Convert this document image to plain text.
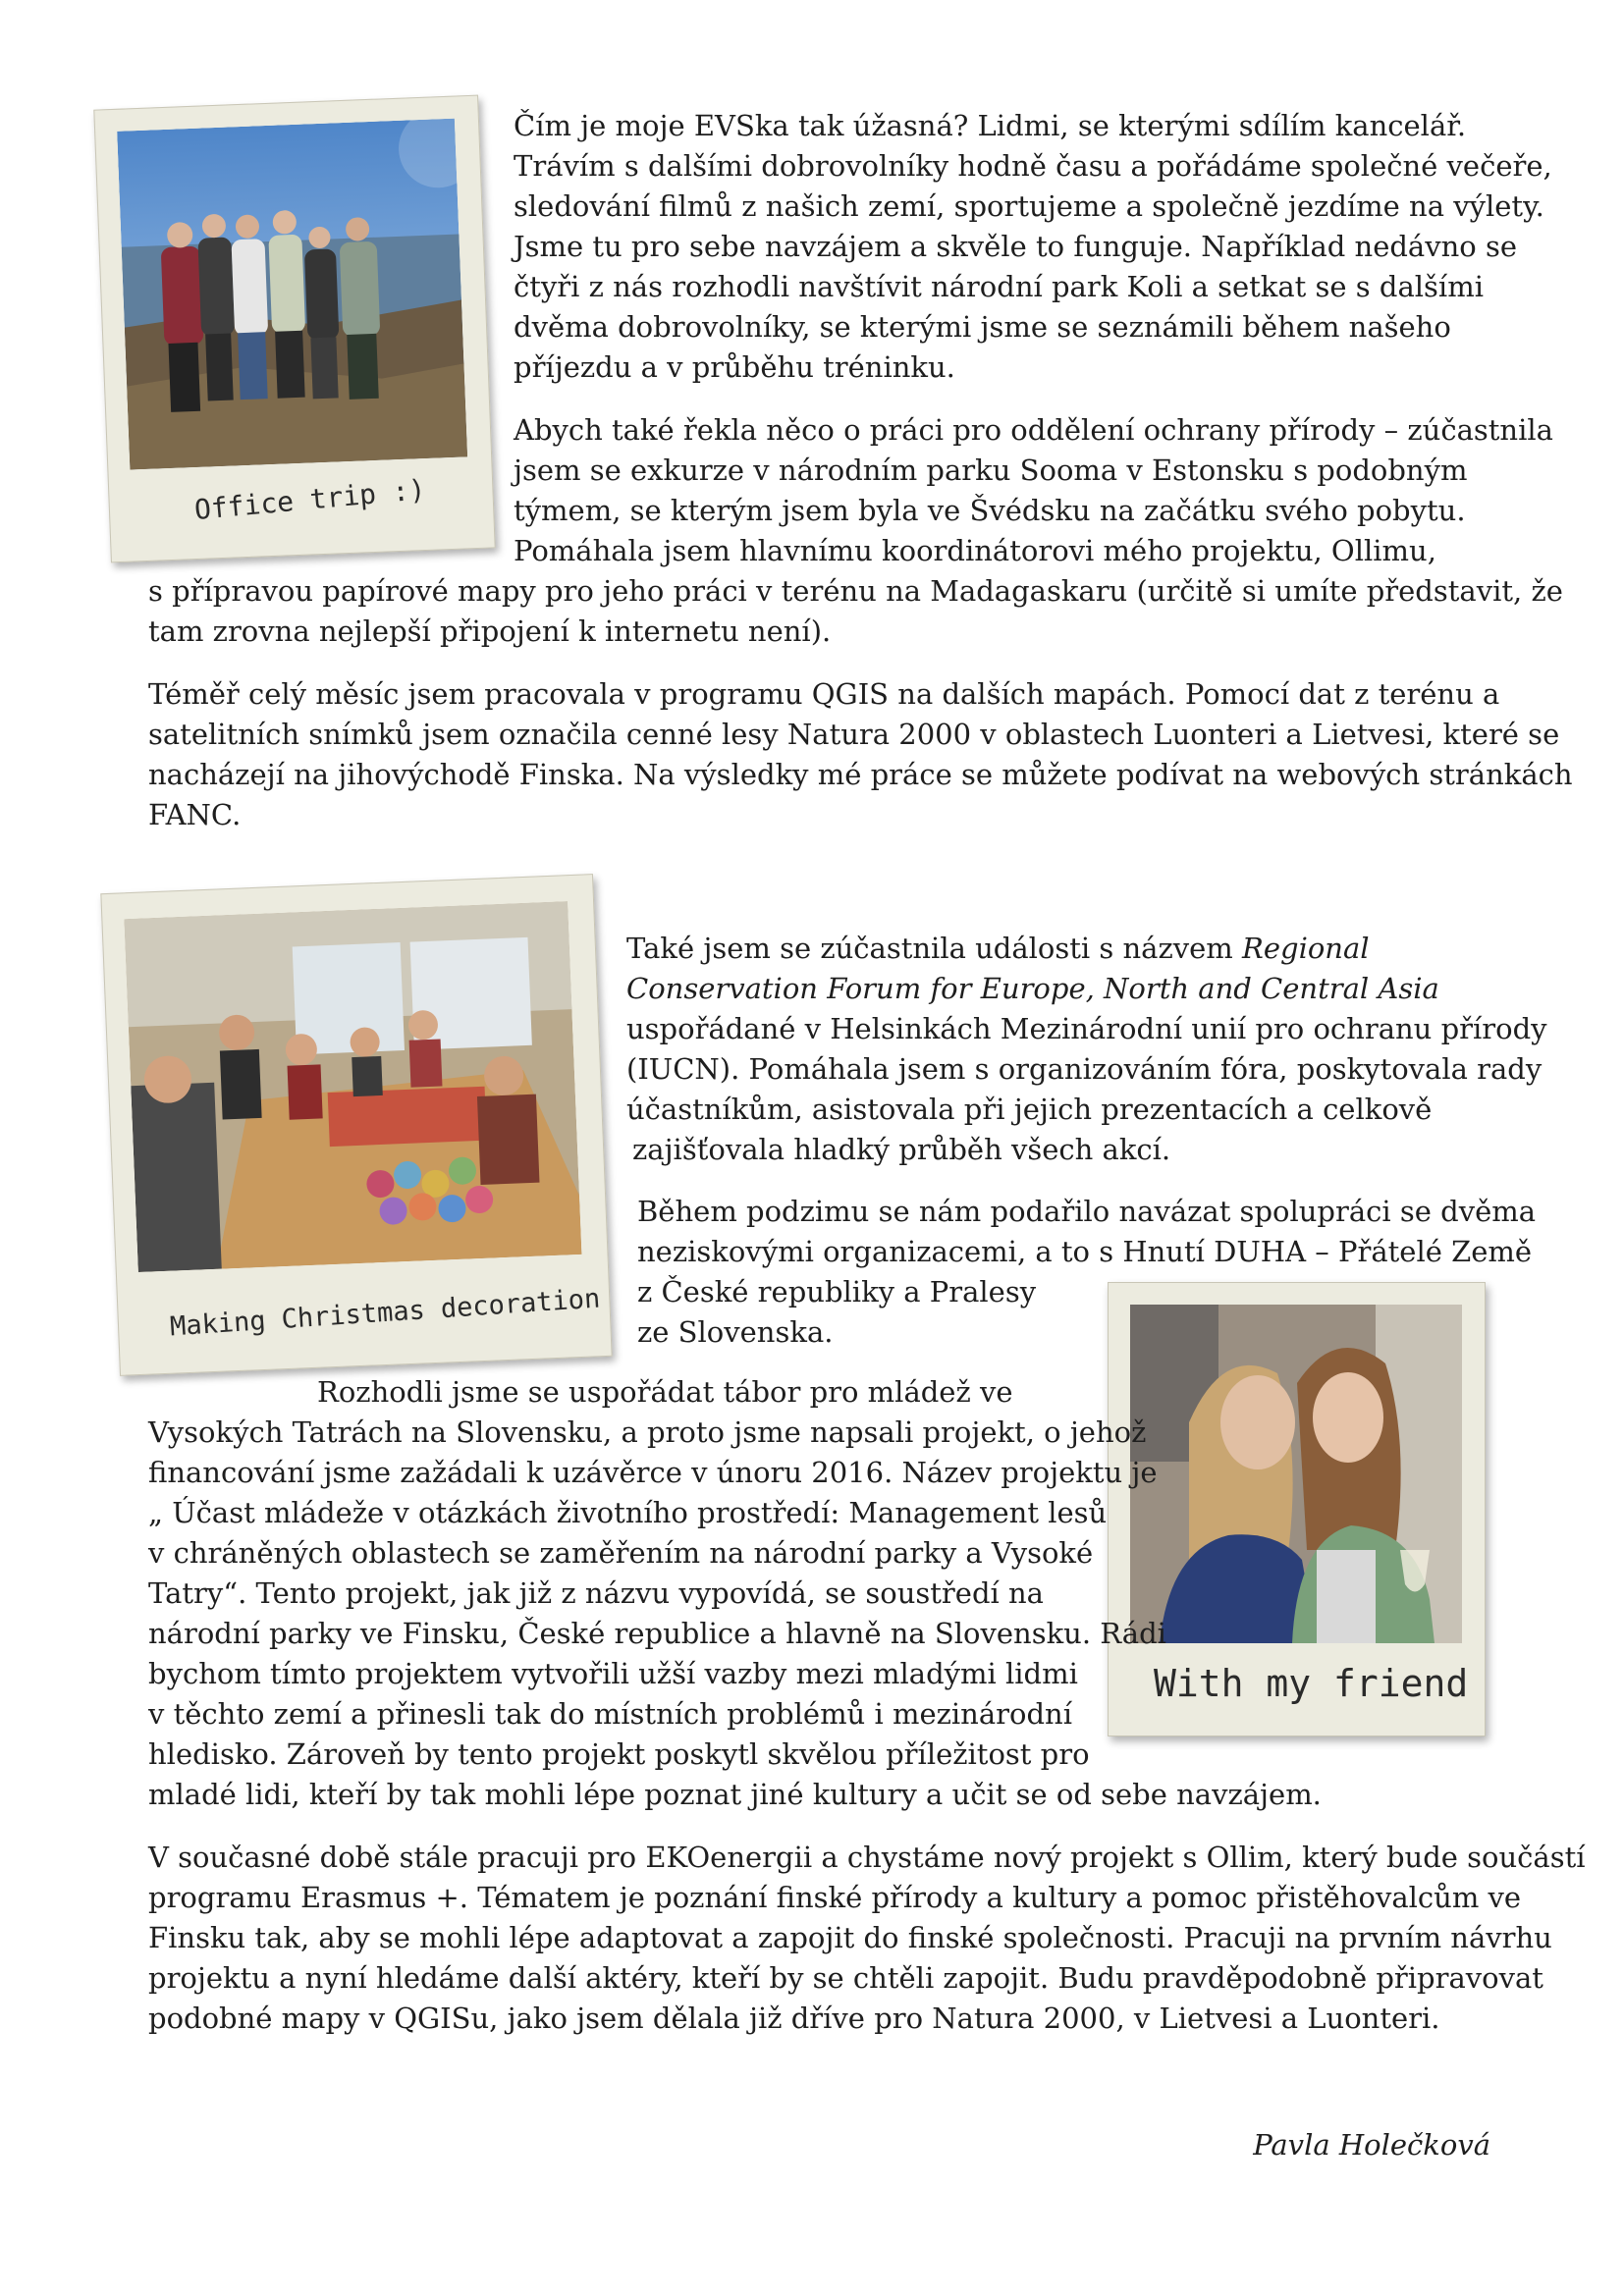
Office trip :)
Making Christmas decoration
With my friend
Čím je moje EVSka tak úžasná? Lidmi, se kterými sdílím kancelář.
Trávím s dalšími dobrovolníky hodně času a pořádáme společné večeře,
sledování filmů z našich zemí, sportujeme a společně jezdíme na výlety.
Jsme tu pro sebe navzájem a skvěle to funguje. Například nedávno se
čtyři z nás rozhodli navštívit národní park Koli a setkat se s dalšími
dvěma dobrovolníky, se kterými jsme se seznámili během našeho
příjezdu a v průběhu tréninku.
Abych také řekla něco o práci pro oddělení ochrany přírody – zúčastnila
jsem se exkurze v národním parku Sooma v Estonsku s podobným
týmem, se kterým jsem byla ve Švédsku na začátku svého pobytu.
Pomáhala jsem hlavnímu koordinátorovi mého projektu, Ollimu,
s přípravou papírové mapy pro jeho práci v terénu na Madagaskaru (určitě si umíte představit, že
tam zrovna nejlepší připojení k internetu není).
Téměř celý měsíc jsem pracovala v programu QGIS na dalších mapách. Pomocí dat z terénu a
satelitních snímků jsem označila cenné lesy Natura 2000 v oblastech Luonteri a Lietvesi, které se
nacházejí na jihovýchodě Finska. Na výsledky mé práce se můžete podívat na webových stránkách
FANC.
Také jsem se zúčastnila události s názvem Regional
Conservation Forum for Europe, North and Central Asia
uspořádané v Helsinkách Mezinárodní unií pro ochranu přírody
(IUCN). Pomáhala jsem s organizováním fóra, poskytovala rady
účastníkům, asistovala při jejich prezentacích a celkově
zajišťovala hladký průběh všech akcí.
Během podzimu se nám podařilo navázat spolupráci se dvěma
neziskovými organizacemi, a to s Hnutí DUHA – Přátelé Země
z České republiky a Pralesy
ze Slovenska.
Rozhodli jsme se uspořádat tábor pro mládež ve
Vysokých Tatrách na Slovensku, a proto jsme napsali projekt, o jehož
financování jsme zažádali k uzávěrce v únoru 2016. Název projektu je
„ Účast mládeže v otázkách životního prostředí: Management lesů
v chráněných oblastech se zaměřením na národní parky a Vysoké
Tatry“. Tento projekt, jak již z názvu vypovídá, se soustředí na
národní parky ve Finsku, České republice a hlavně na Slovensku. Rádi
bychom tímto projektem vytvořili užší vazby mezi mladými lidmi
v těchto zemí a přinesli tak do místních problémů i mezinárodní
hledisko. Zároveň by tento projekt poskytl skvělou příležitost pro
mladé lidi, kteří by tak mohli lépe poznat jiné kultury a učit se od sebe navzájem.
V současné době stále pracuji pro EKOenergii a chystáme nový projekt s Ollim, který bude součástí
programu Erasmus +. Tématem je poznání finské přírody a kultury a pomoc přistěhovalcům ve
Finsku tak, aby se mohli lépe adaptovat a zapojit do finské společnosti. Pracuji na prvním návrhu
projektu a nyní hledáme další aktéry, kteří by se chtěli zapojit. Budu pravděpodobně připravovat
podobné mapy v QGISu, jako jsem dělala již dříve pro Natura 2000, v Lietvesi a Luonteri.
Pavla Holečková
